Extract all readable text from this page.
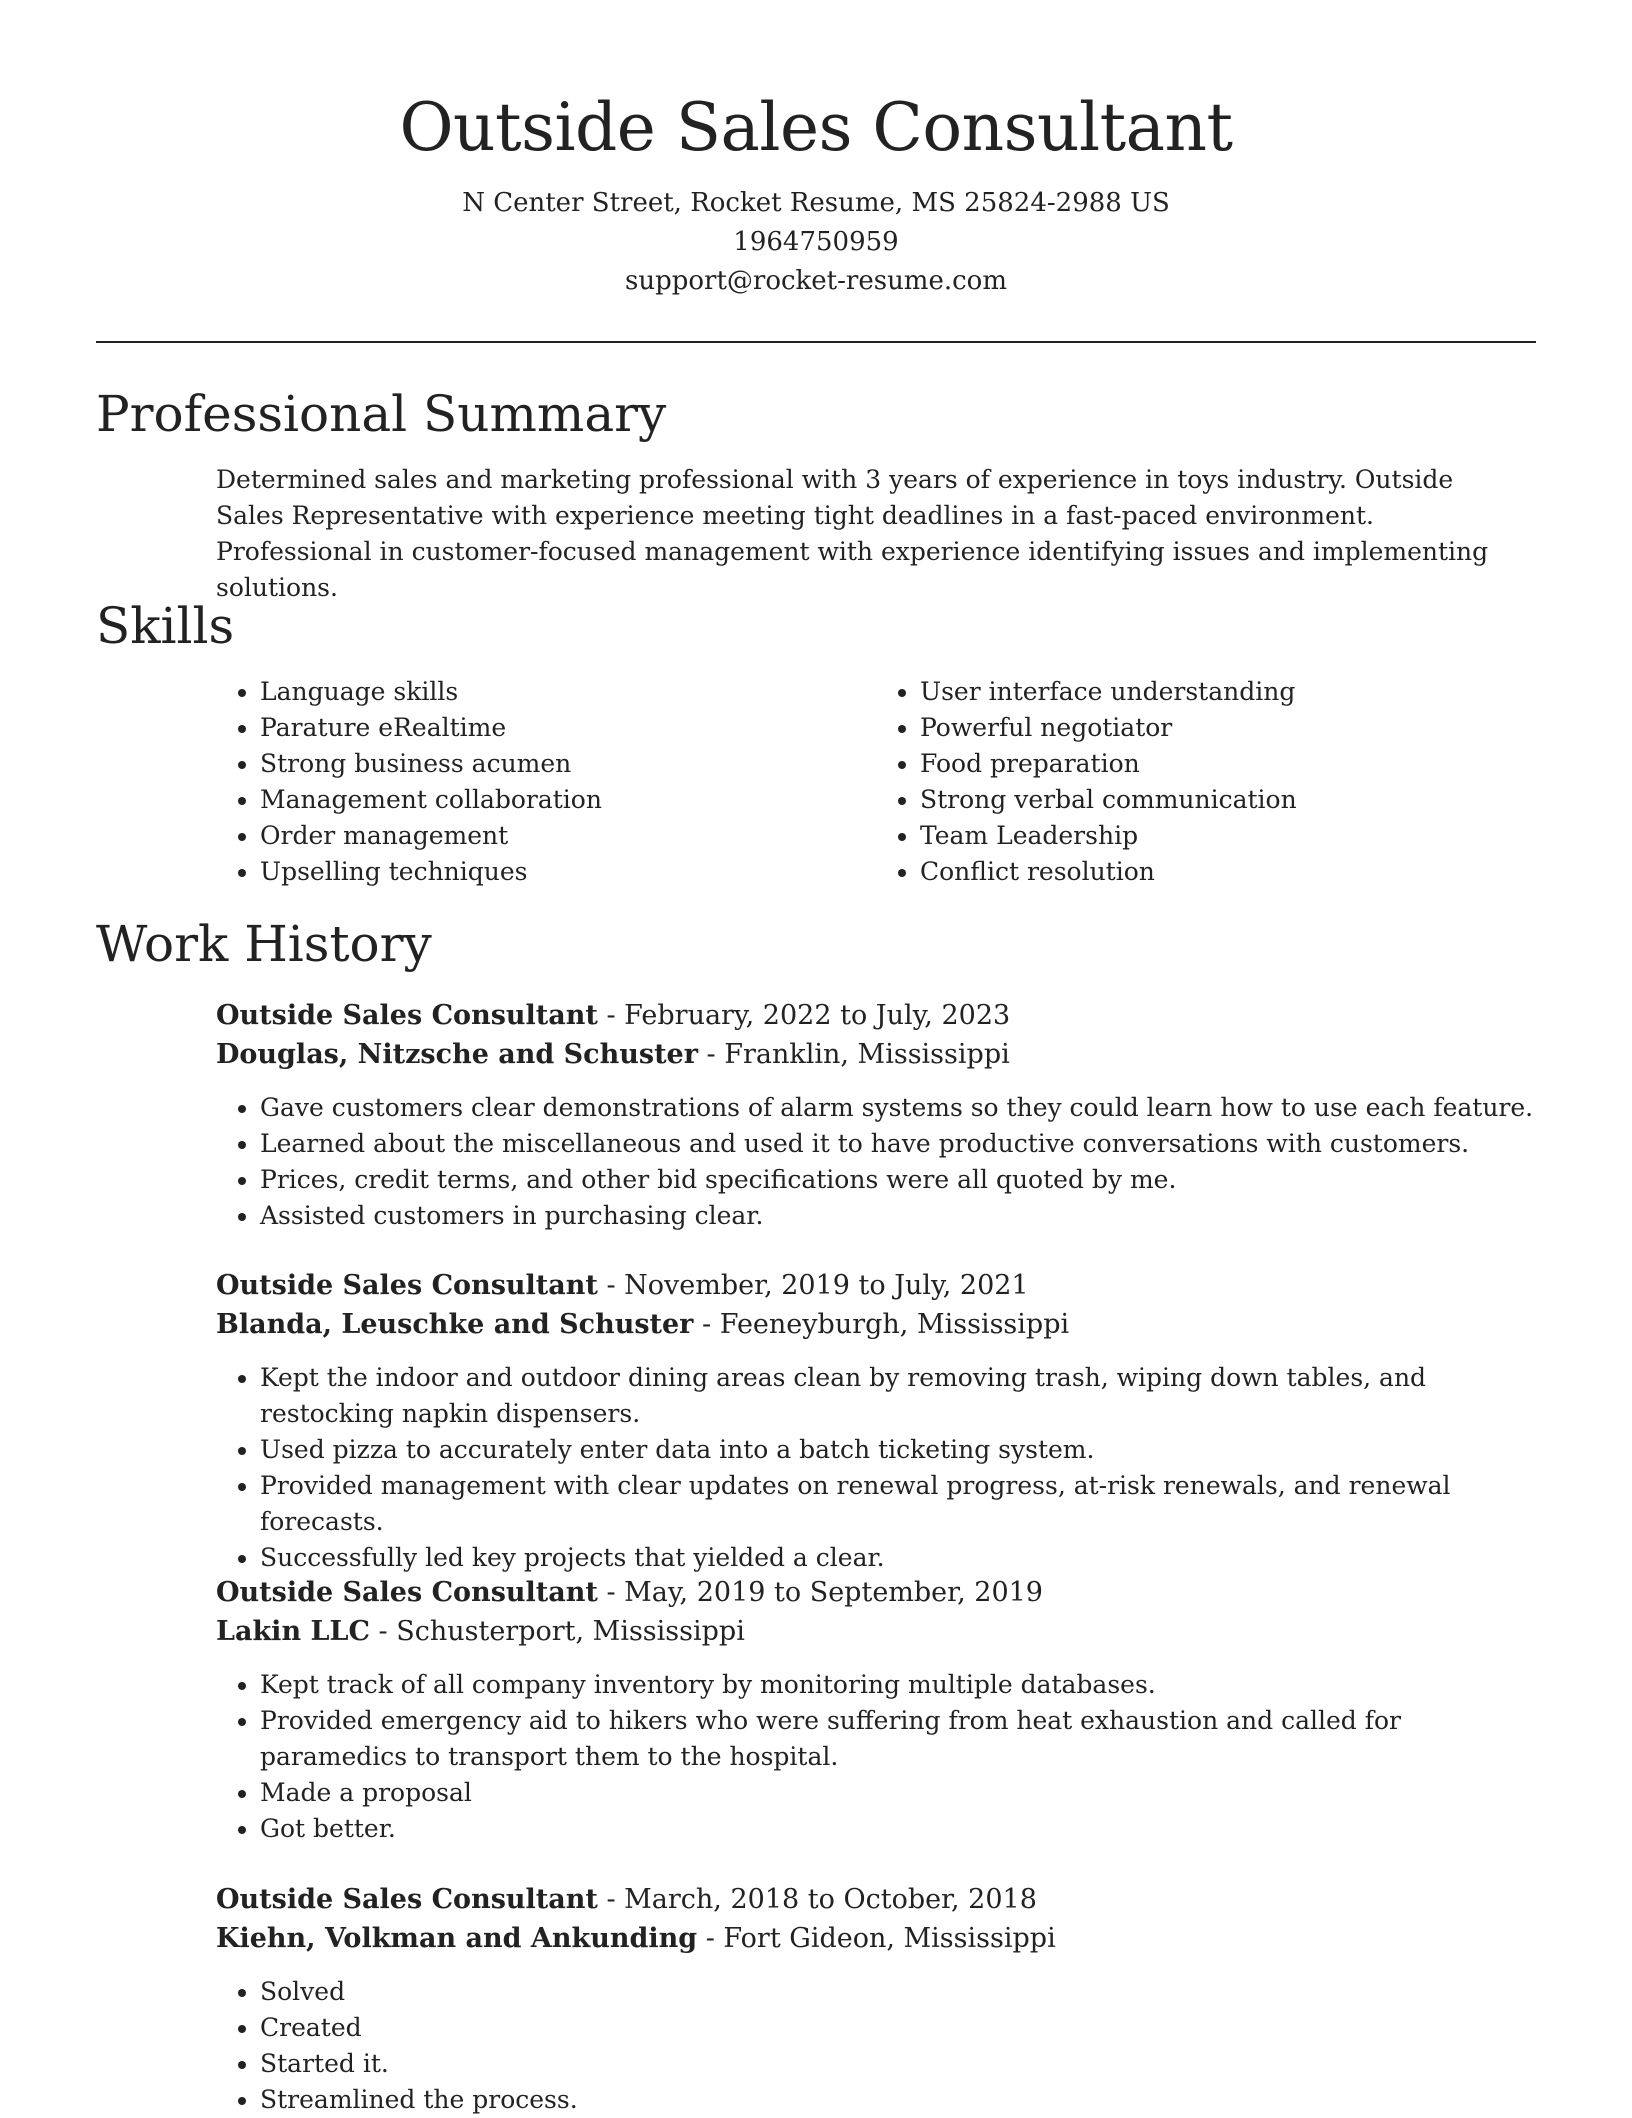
Outside Sales Consultant

N Center Street, Rocket Resume, MS 25824-2988 US

1964750959

support@rocket-resume.com

Professional Summary

Determined sales and marketing professional with 3 years of experience in toys industry. Outside Sales Representative with experience meeting tight deadlines in a fast-paced environment. Professional in customer-focused management with experience identifying issues and implementing solutions.

Skills
• Language skills
• Parature eRealtime
• Strong business acumen
• Management collaboration
• Order management
• Upselling techniques
• User interface understanding
• Powerful negotiator
• Food preparation
• Strong verbal communication
• Team Leadership
• Conflict resolution
Work History

Outside Sales Consultant - February, 2022 to July, 2023

Douglas, Nitzsche and Schuster - Franklin, Mississippi

• Gave customers clear demonstrations of alarm systems so they could learn how to use each feature.
• Learned about the miscellaneous and used it to have productive conversations with customers.
• Prices, credit terms, and other bid specifications were all quoted by me.
• Assisted customers in purchasing clear.

Outside Sales Consultant - November, 2019 to July, 2021

Blanda, Leuschke and Schuster - Feeneyburgh, Mississippi

• Kept the indoor and outdoor dining areas clean by removing trash, wiping down tables, and restocking napkin dispensers.
• Used pizza to accurately enter data into a batch ticketing system.
• Provided management with clear updates on renewal progress, at-risk renewals, and renewal forecasts.
• Successfully led key projects that yielded a clear.

Outside Sales Consultant - May, 2019 to September, 2019

Lakin LLC - Schusterport, Mississippi

• Kept track of all company inventory by monitoring multiple databases.
• Provided emergency aid to hikers who were suffering from heat exhaustion and called for paramedics to transport them to the hospital.
• Made a proposal
• Got better.

Outside Sales Consultant - March, 2018 to October, 2018

Kiehn, Volkman and Ankunding - Fort Gideon, Mississippi

• Solved
• Created
• Started it.
• Streamlined the process.
